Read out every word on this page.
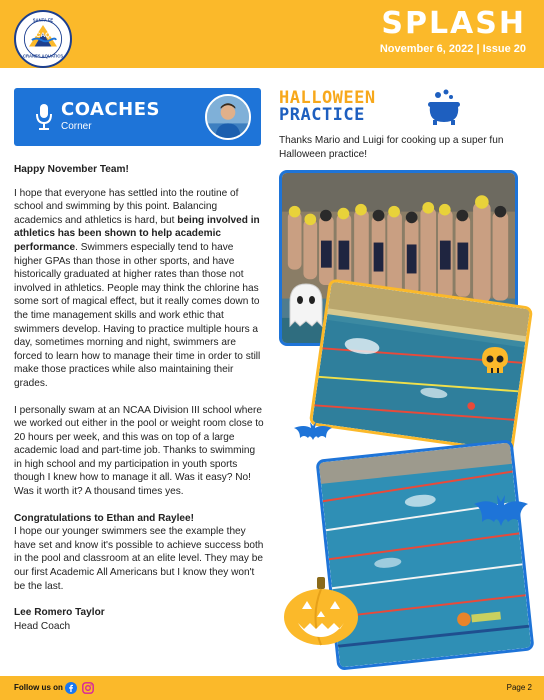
SANTA FE
CAQ
CRANES AQUATICS
SPLASH
November 6, 2022 | Issue 20
COACHES
Corner
Happy November Team!

I hope that everyone has settled into the routine of school and swimming by this point. Balancing academics and athletics is hard, but being involved in athletics has been shown to help academic performance. Swimmers especially tend to have higher GPAs than those in other sports, and have historically graduated at higher rates than those not involved in athletics. People may think the chlorine has some sort of magical effect, but it really comes down to the time management skills and work ethic that swimmers develop. Having to practice multiple hours a day, sometimes morning and night, swimmers are forced to learn how to manage their time in order to still make those practices while also maintaining their grades.

I personally swam at an NCAA Division III school where we worked out either in the pool or weight room close to 20 hours per week, and this was on top of a large academic load and part-time job. Thanks to swimming in high school and my participation in youth sports though I knew how to manage it all. Was it easy? No! Was it worth it? A thousand times yes.

Congratulations to Ethan and Raylee!

I hope our younger swimmers see the example they have set and know it's possible to achieve success both in the pool and classroom at an elite level. They may be our first Academic All Americans but I know they won't be the last.

Lee Romero Taylor
Head Coach
HALLOWEEN
PRACTICE
Thanks Mario and Luigi for cooking up a super fun Halloween practice!
Follow us on	Page 2
